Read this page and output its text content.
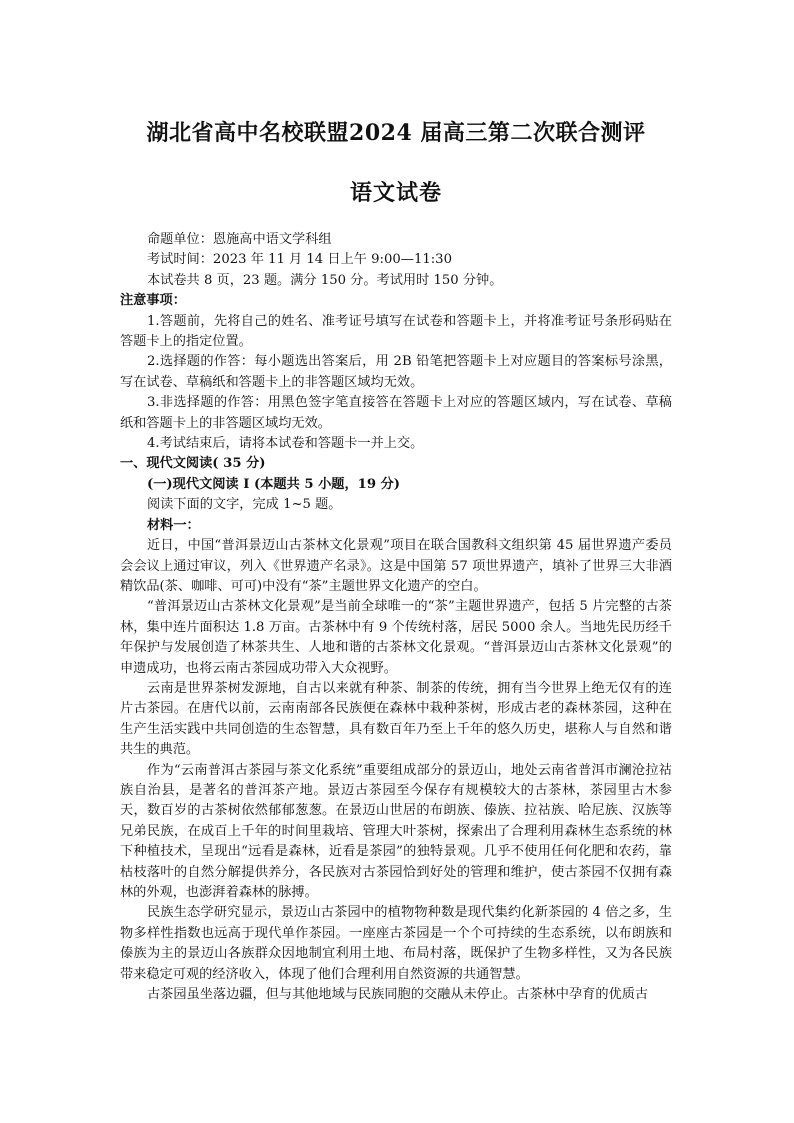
湖北省高中名校联盟2024 届高三第二次联合测评
语文试卷

命题单位：恩施高中语文学科组

考试时间：2023 年 11 月 14 日上午 9:00—11:30

本试卷共 8 页，23 题。满分 150 分。考试用时 150 分钟。

注意事项：

1.答题前，先将自己的姓名、准考证号填写在试卷和答题卡上，并将准考证号条形码贴在答题卡上的指定位置。

2.选择题的作答：每小题选出答案后，用 2B 铅笔把答题卡上对应题目的答案标号涂黑，写在试卷、草稿纸和答题卡上的非答题区域均无效。

3.非选择题的作答：用黑色签字笔直接答在答题卡上对应的答题区域内，写在试卷、草稿纸和答题卡上的非答题区域均无效。

4.考试结束后，请将本试卷和答题卡一并上交。

一、现代文阅读( 35 分)

(一)现代文阅读 I (本题共 5 小题，19 分)

阅读下面的文字，完成 1~5 题。

材料一：

近日，中国“普洱景迈山古茶林文化景观”项目在联合国教科文组织第 45 届世界遗产委员会会议上通过审议，列入《世界遗产名录》。这是中国第 57 项世界遗产，填补了世界三大非酒精饮品(茶、咖啡、可可)中没有“茶”主题世界文化遗产的空白。

“普洱景迈山古茶林文化景观”是当前全球唯一的“茶”主题世界遗产，包括 5 片完整的古茶林，集中连片面积达 1.8 万亩。古茶林中有 9 个传统村落，居民 5000 余人。当地先民历经千年保护与发展创造了林茶共生、人地和谐的古茶林文化景观。“普洱景迈山古茶林文化景观”的申遗成功，也将云南古茶园成功带入大众视野。

云南是世界茶树发源地，自古以来就有种茶、制茶的传统，拥有当今世界上绝无仅有的连片古茶园。在唐代以前，云南南部各民族便在森林中栽种茶树，形成古老的森林茶园，这种在生产生活实践中共同创造的生态智慧，具有数百年乃至上千年的悠久历史，堪称人与自然和谐共生的典范。

作为“云南普洱古茶园与茶文化系统”重要组成部分的景迈山，地处云南省普洱市澜沧拉祜族自治县，是著名的普洱茶产地。景迈古茶园至今保存有规模较大的古茶林，茶园里古木参天，数百岁的古茶树依然郁郁葱葱。在景迈山世居的布朗族、傣族、拉祜族、哈尼族、汉族等兄弟民族，在成百上千年的时间里栽培、管理大叶茶树，探索出了合理利用森林生态系统的林下种植技术，呈现出“远看是森林，近看是茶园”的独特景观。几乎不使用任何化肥和农药，靠枯枝落叶的自然分解提供养分，各民族对古茶园恰到好处的管理和维护，使古茶园不仅拥有森林的外观，也澎湃着森林的脉搏。

民族生态学研究显示，景迈山古茶园中的植物物种数是现代集约化新茶园的 4 倍之多，生物多样性指数也远高于现代单作茶园。一座座古茶园是一个个可持续的生态系统，以布朗族和傣族为主的景迈山各族群众因地制宜利用土地、布局村落，既保护了生物多样性，又为各民族带来稳定可观的经济收入，体现了他们合理利用自然资源的共通智慧。

古茶园虽坐落边疆，但与其他地域与民族同胞的交融从未停止。古茶林中孕育的优质古
